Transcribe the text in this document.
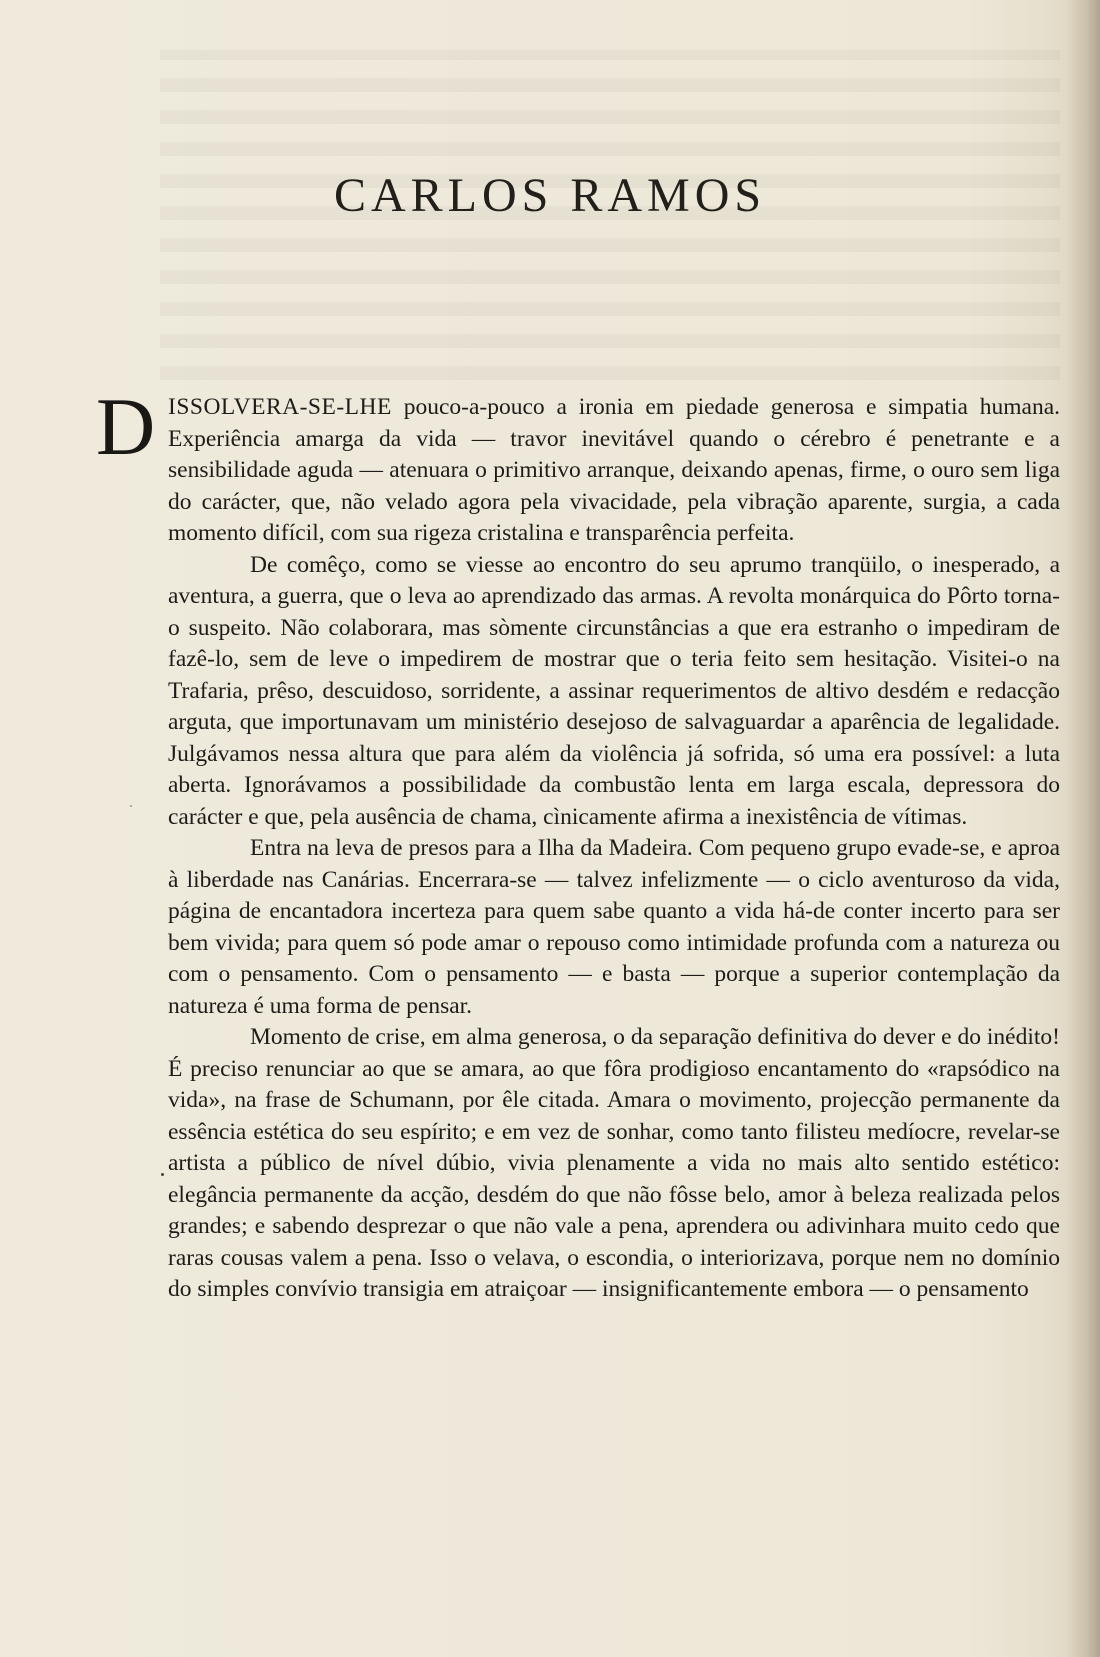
CARLOS RAMOS

DISSOLVERA-SE-LHE pouco-a-pouco a ironia em piedade generosa e simpatia humana. Experiência amarga da vida — travor inevitável quando o cérebro é penetrante e a sensibilidade aguda — atenuara o primitivo arranque, deixando apenas, firme, o ouro sem liga do carácter, que, não velado agora pela vivacidade, pela vibração aparente, surgia, a cada momento difícil, com sua rigeza cristalina e transparência perfeita.

De comêço, como se viesse ao encontro do seu aprumo tranqüilo, o inesperado, a aventura, a guerra, que o leva ao aprendizado das armas. A revolta monárquica do Pôrto torna-o suspeito. Não colaborara, mas sòmente circunstâncias a que era estranho o impediram de fazê-lo, sem de leve o impedirem de mostrar que o teria feito sem hesitação. Visitei-o na Trafaria, prêso, descuidoso, sorridente, a assinar requerimentos de altivo desdém e redacção arguta, que importunavam um ministério desejoso de salvaguardar a aparência de legalidade. Julgávamos nessa altura que para além da violência já sofrida, só uma era possível: a luta aberta. Ignorávamos a possibilidade da combustão lenta em larga escala, depressora do carácter e que, pela ausência de chama, cìnicamente afirma a inexistência de vítimas.

Entra na leva de presos para a Ilha da Madeira. Com pequeno grupo evade-se, e aproa à liberdade nas Canárias. Encerrara-se — talvez infelizmente — o ciclo aventuroso da vida, página de encantadora incerteza para quem sabe quanto a vida há-de conter incerto para ser bem vivida; para quem só pode amar o repouso como intimidade profunda com a natureza ou com o pensamento. Com o pensamento — e basta — porque a superior contemplação da natureza é uma forma de pensar.

Momento de crise, em alma generosa, o da separação definitiva do dever e do inédito! É preciso renunciar ao que se amara, ao que fôra prodigioso encantamento do «rapsódico na vida», na frase de Schumann, por êle citada. Amara o movimento, projecção permanente da essência estética do seu espírito; e em vez de sonhar, como tanto filisteu medíocre, revelar-se artista a público de nível dúbio, vivia plenamente a vida no mais alto sentido estético: elegância permanente da acção, desdém do que não fôsse belo, amor à beleza realizada pelos grandes; e sabendo desprezar o que não vale a pena, aprendera ou adivinhara muito cedo que raras cousas valem a pena. Isso o velava, o escondia, o interiorizava, porque nem no domínio do simples convívio transigia em atraiçoar — insignificantemente embora — o pensamento
